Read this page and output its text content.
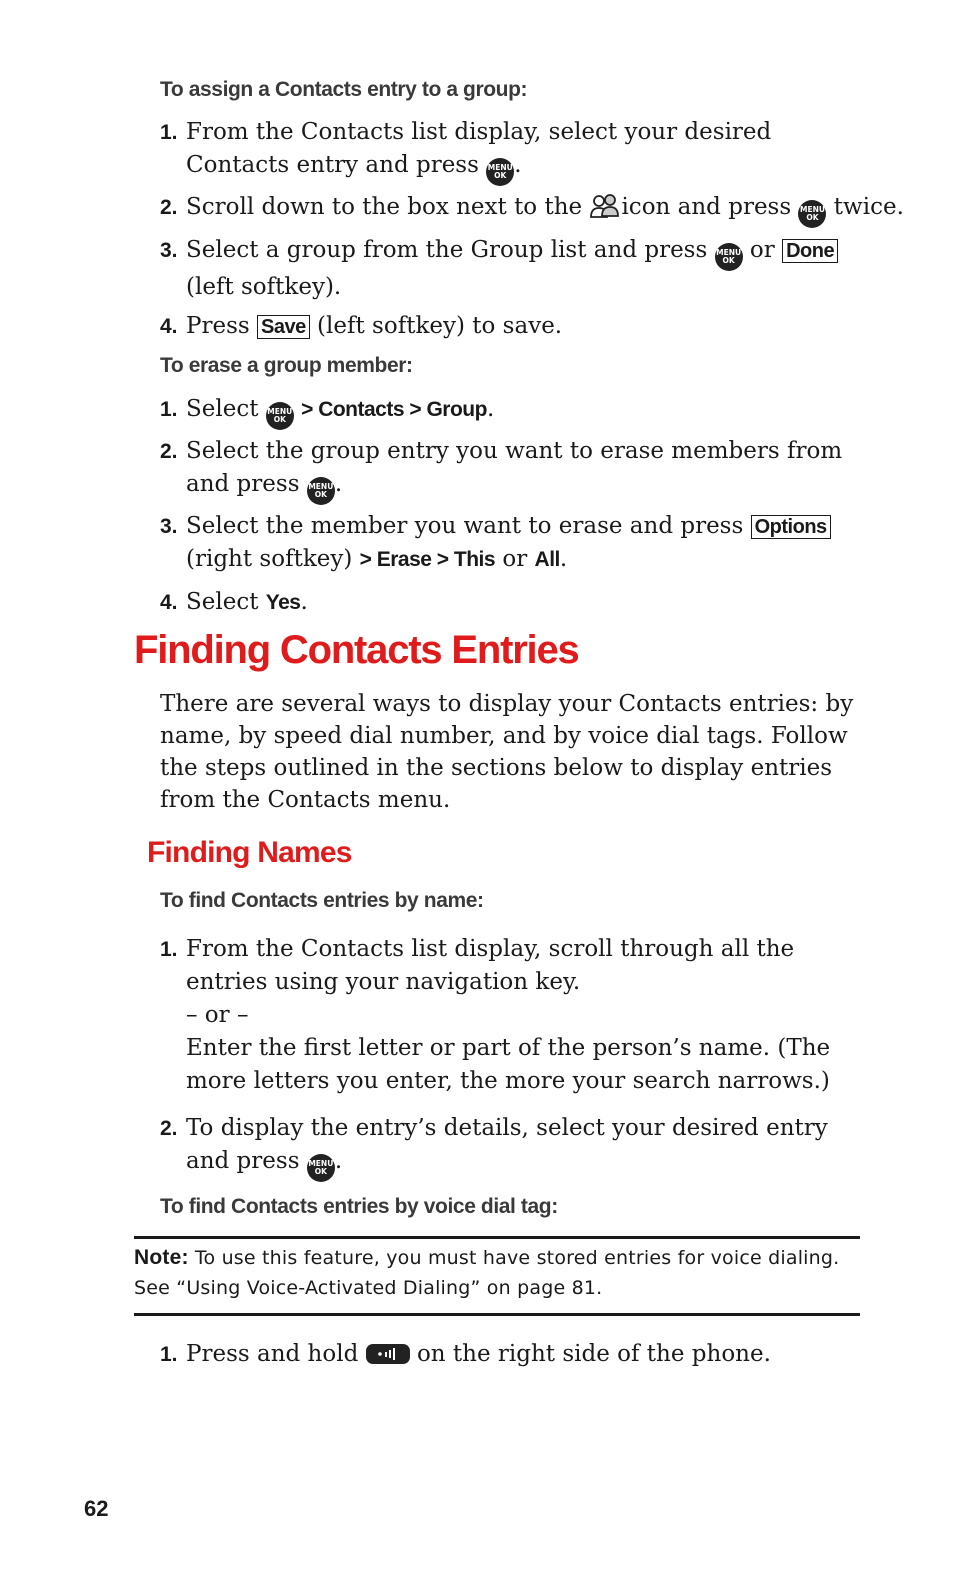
To assign a Contacts entry to a group:
1. From the Contacts list display, select your desired Contacts entry and press MENU
OK .
2. Scroll down to the box next to the icon and press MENU
OK twice.
3. Select a group from the Group list and press MENU
OK or Done (left softkey).
4. Press Save (left softkey) to save.
To erase a group member:
1. Select MENU
OK > Contacts > Group.
2. Select the group entry you want to erase members from and press MENU
OK .
3. Select the member you want to erase and press Options (right softkey) > Erase > This or All.
4. Select Yes.
Finding Contacts Entries
There are several ways to display your Contacts entries: by name, by speed dial number, and by voice dial tags. Follow the steps outlined in the sections below to display entries from the Contacts menu.
Finding Names
To find Contacts entries by name:
1. From the Contacts list display, scroll through all the entries using your navigation key.
– or –
Enter the first letter or part of the person’s name. (The more letters you enter, the more your search narrows.)
2. To display the entry’s details, select your desired entry and press MENU
OK .
To find Contacts entries by voice dial tag:
Note: To use this feature, you must have stored entries for voice dialing. See “Using Voice-Activated Dialing” on page 81.
1. Press and hold	on the right side of the phone.
62
